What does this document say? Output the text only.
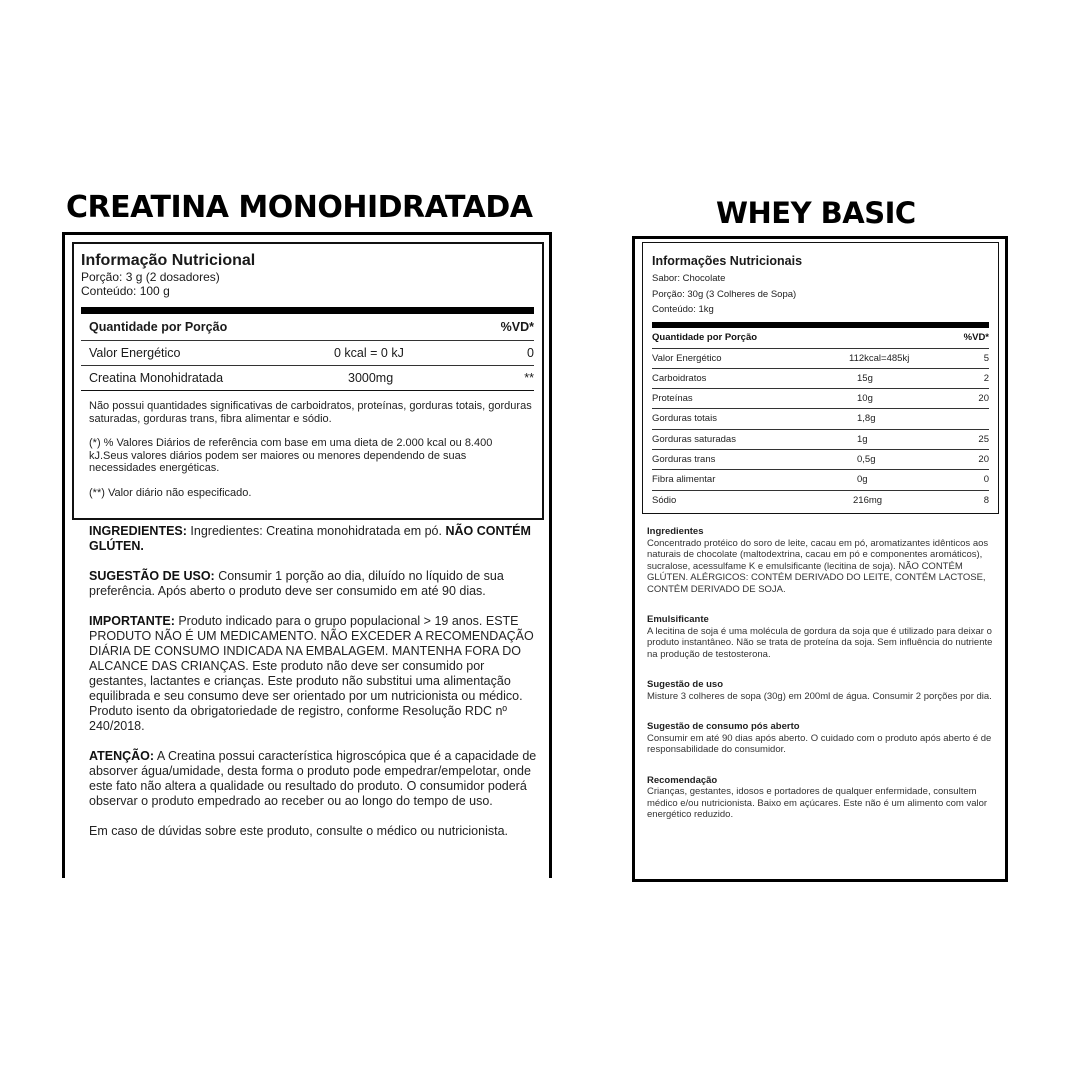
CREATINA MONOHIDRATADA	WHEY BASIC
Informação Nutricional
Porção: 3 g (2 dosadores)
Conteúdo: 100 g
Quantidade por Porção	%VD*
Valor Energético	0 kcal = 0 kJ	0
Creatina Monohidratada	3000mg	**

Não possui quantidades significativas de carboidratos, proteínas, gorduras totais, gorduras saturadas, gorduras trans, fibra alimentar e sódio.

(*) % Valores Diários de referência com base em uma dieta de 2.000 kcal ou 8.400 kJ.Seus valores diários podem ser maiores ou menores dependendo de suas necessidades energéticas.

(**) Valor diário não especificado.

INGREDIENTES: Ingredientes: Creatina monohidratada em pó. NÃO CONTÉM GLÚTEN.

SUGESTÃO DE USO: Consumir 1 porção ao dia, diluído no líquido de sua preferência. Após aberto o produto deve ser consumido em até 90 dias.

IMPORTANTE: Produto indicado para o grupo populacional > 19 anos. ESTE PRODUTO NÃO É UM MEDICAMENTO. NÃO EXCEDER A RECOMENDAÇÃO DIÁRIA DE CONSUMO INDICADA NA EMBALAGEM. MANTENHA FORA DO ALCANCE DAS CRIANÇAS. Este produto não deve ser consumido por gestantes, lactantes e crianças. Este produto não substitui uma alimentação equilibrada e seu consumo deve ser orientado por um nutricionista ou médico. Produto isento da obrigatoriedade de registro, conforme Resolução RDC nº 240/2018.

ATENÇÃO: A Creatina possui característica higroscópica que é a capacidade de absorver água/umidade, desta forma o produto pode empedrar/empelotar, onde este fato não altera a qualidade ou resultado do produto. O consumidor poderá observar o produto empedrado ao receber ou ao longo do tempo de uso.

Em caso de dúvidas sobre este produto, consulte o médico ou nutricionista.

Informações Nutricionais
Sabor: Chocolate
Porção: 30g (3 Colheres de Sopa)
Conteúdo: 1kg
Quantidade por Porção	%VD*
Valor Energético	112kcal=485kj	5
Carboidratos	15g	2
Proteínas	10g	20
Gorduras totais	1,8g
Gorduras saturadas	1g	25
Gorduras trans	0,5g	20
Fibra alimentar	0g	0
Sódio	216mg	8
Ingredientes
Concentrado protéico do soro de leite, cacau em pó, aromatizantes idênticos aos naturais de chocolate (maltodextrina, cacau em pó e componentes aromáticos), sucralose, acessulfame K e emulsificante (lecitina de soja). NÃO CONTÉM GLÚTEN. ALÉRGICOS: CONTÉM DERIVADO DO LEITE, CONTÉM LACTOSE, CONTÉM DERIVADO DE SOJA.
Emulsificante
A lecitina de soja é uma molécula de gordura da soja que é utilizado para deixar o produto instantâneo. Não se trata de proteína da soja. Sem influência do nutriente na produção de testosterona.
Sugestão de uso
Misture 3 colheres de sopa (30g) em 200ml de água. Consumir 2 porções por dia.
Sugestão de consumo pós aberto
Consumir em até 90 dias após aberto. O cuidado com o produto após aberto é de responsabilidade do consumidor.
Recomendação
Crianças, gestantes, idosos e portadores de qualquer enfermidade, consultem médico e/ou nutricionista. Baixo em açúcares. Este não é um alimento com valor energético reduzido.
